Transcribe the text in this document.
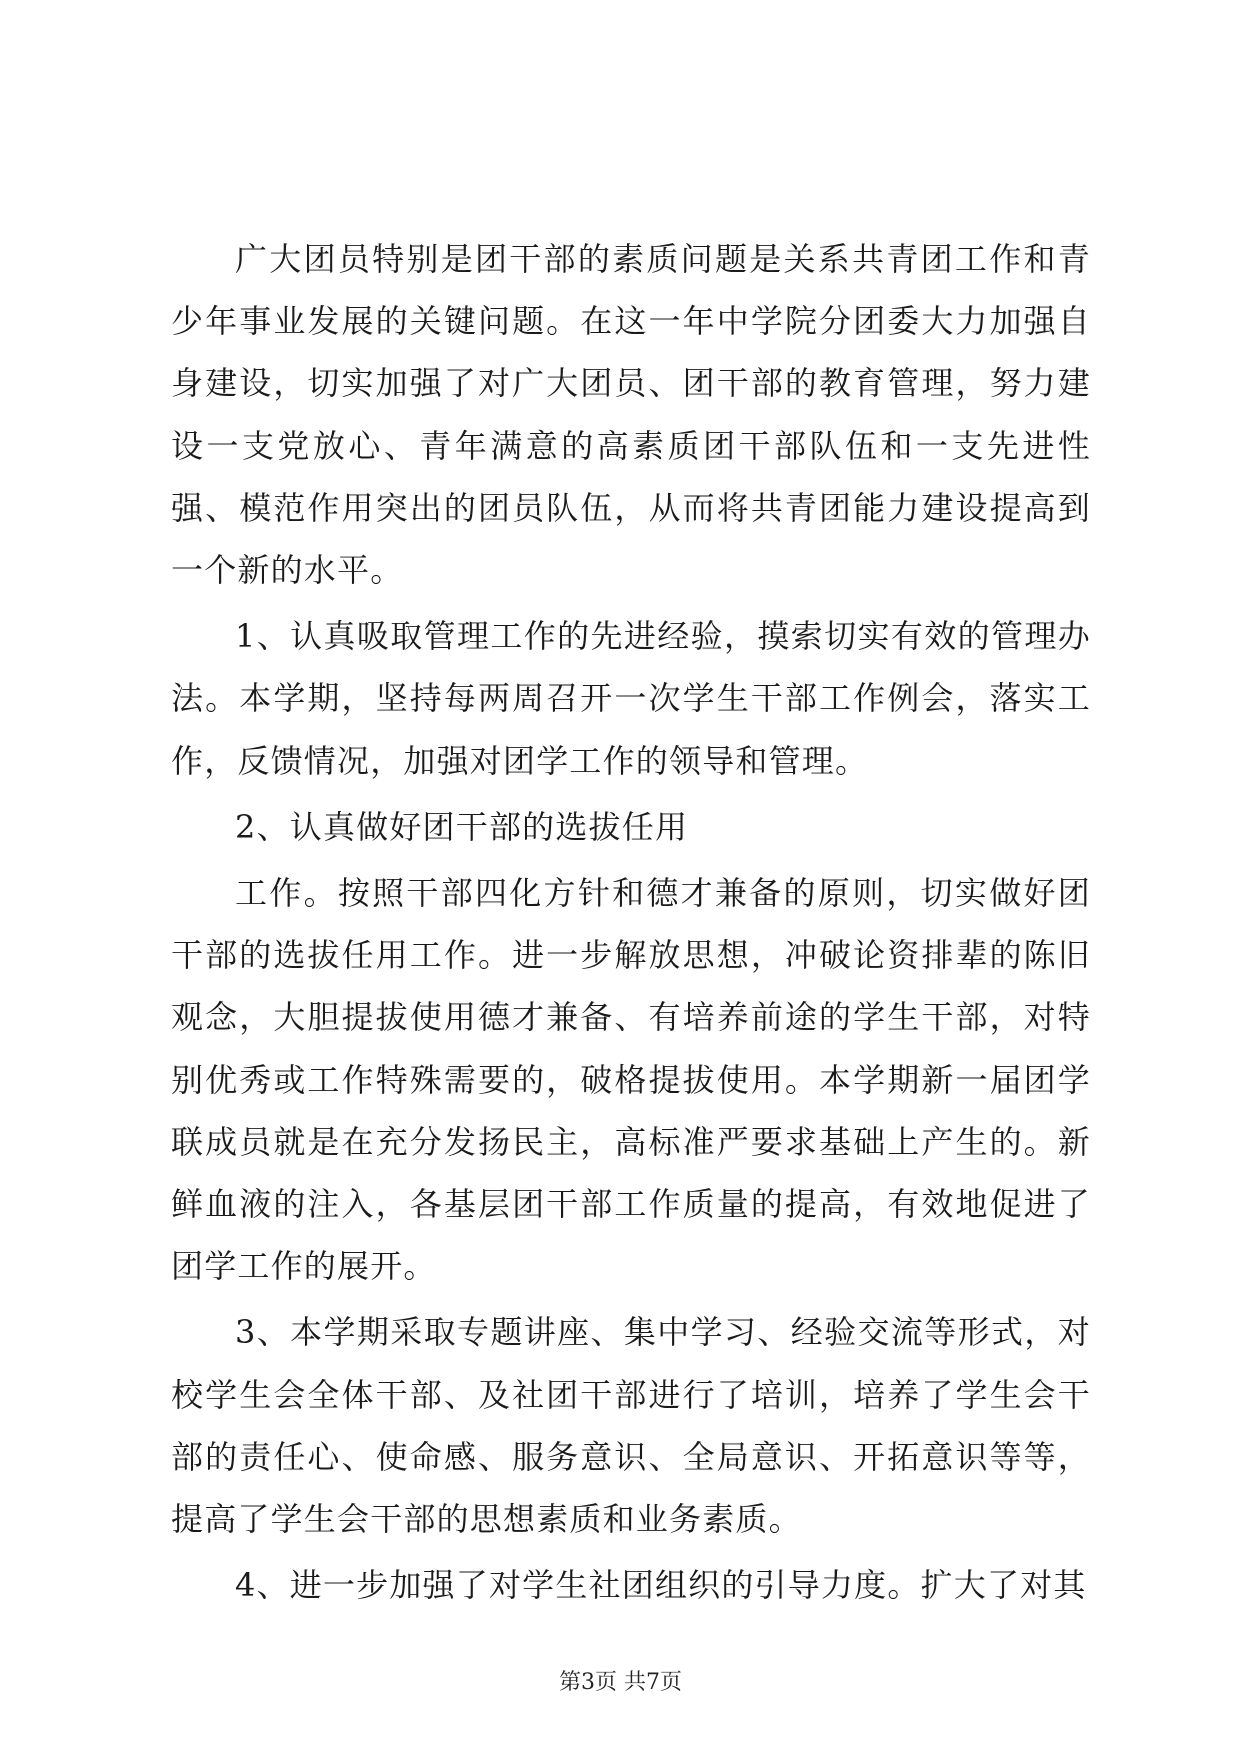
广大团员特别是团干部的素质问题是关系共青团工作和青少年事业发展的关键问题。在这一年中学院分团委大力加强自身建设，切实加强了对广大团员、团干部的教育管理，努力建设一支党放心、青年满意的高素质团干部队伍和一支先进性强、模范作用突出的团员队伍，从而将共青团能力建设提高到一个新的水平。

1、认真吸取管理工作的先进经验，摸索切实有效的管理办法。本学期，坚持每两周召开一次学生干部工作例会，落实工作，反馈情况，加强对团学工作的领导和管理。

2、认真做好团干部的选拔任用

工作。按照干部四化方针和德才兼备的原则，切实做好团干部的选拔任用工作。进一步解放思想，冲破论资排辈的陈旧观念，大胆提拔使用德才兼备、有培养前途的学生干部，对特别优秀或工作特殊需要的，破格提拔使用。本学期新一届团学联成员就是在充分发扬民主，高标准严要求基础上产生的。新鲜血液的注入，各基层团干部工作质量的提高，有效地促进了团学工作的展开。

3、本学期采取专题讲座、集中学习、经验交流等形式，对校学生会全体干部、及社团干部进行了培训，培养了学生会干部的责任心、使命感、服务意识、全局意识、开拓意识等等，提高了学生会干部的思想素质和业务素质。

4、进一步加强了对学生社团组织的引导力度。扩大了对其

第3页 共7页
